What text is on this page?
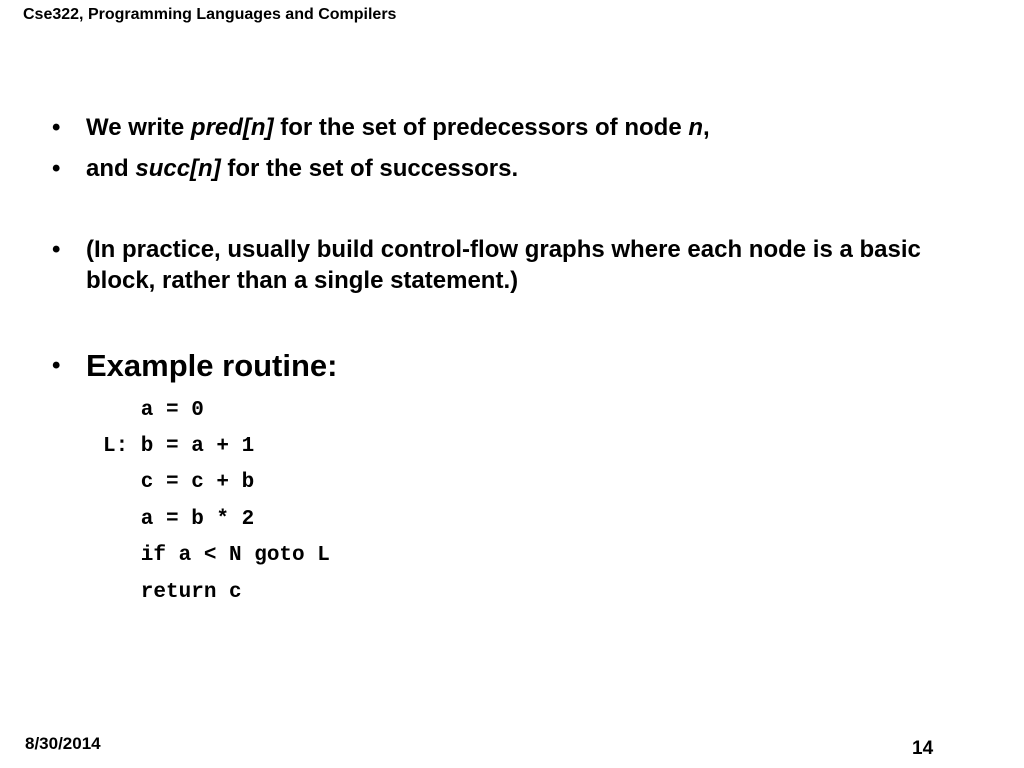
Cse322, Programming Languages and Compilers
• We write pred[n] for the set of predecessors of node n,
• and succ[n] for the set of successors.
• (In practice, usually build control-flow graphs where each node is a basic block, rather than a single statement.)
• Example routine:
a = 0
L: b = a + 1
c = c + b
a = b * 2
if a < N goto L
return c
8/30/2014	14
